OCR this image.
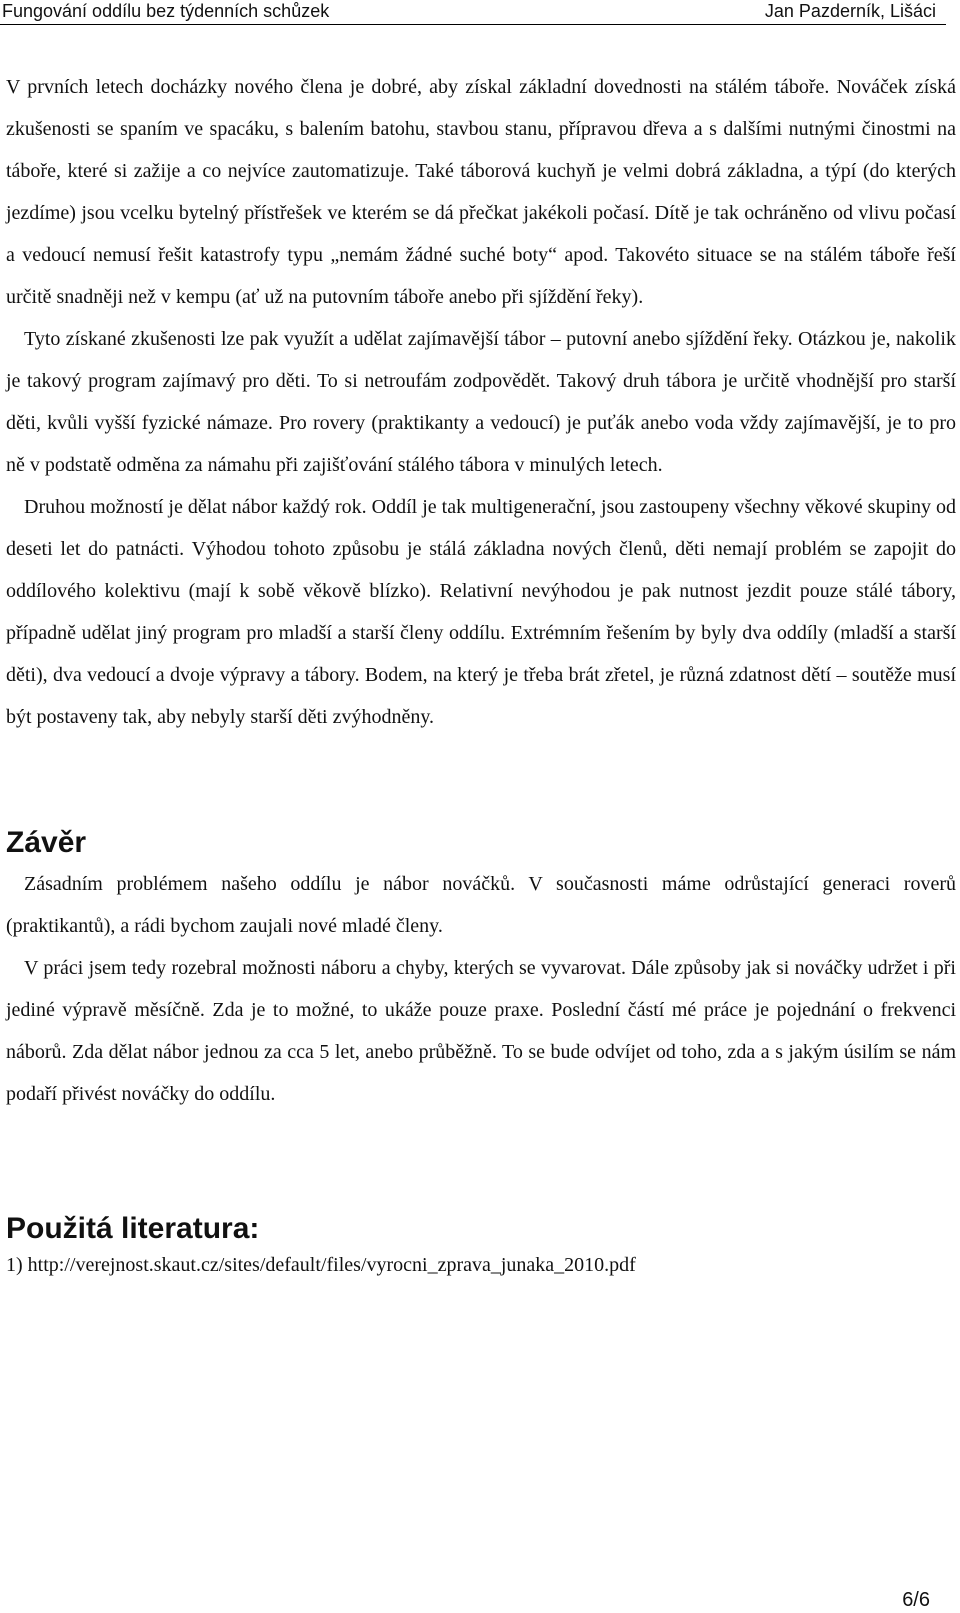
Fungování oddílu bez týdenních schůzek	Jan Pazderník, Lišáci

V prvních letech docházky nového člena je dobré, aby získal základní dovednosti na stálém táboře. Nováček získá zkušenosti se spaním ve spacáku, s balením batohu, stavbou stanu, přípravou dřeva a s dalšími nutnými činostmi na táboře, které si zažije a co nejvíce zautomatizuje. Také táborová kuchyň je velmi dobrá základna, a týpí (do kterých jezdíme) jsou vcelku bytelný přístřešek ve kterém se dá přečkat jakékoli počasí. Dítě je tak ochráněno od vlivu počasí a vedoucí nemusí řešit katastrofy typu „nemám žádné suché boty“ apod. Takovéto situace se na stálém táboře řeší určitě snadněji než v kempu (ať už na putovním táboře anebo při sjíždění řeky).

Tyto získané zkušenosti lze pak využít a udělat zajímavější tábor – putovní anebo sjíždění řeky. Otázkou je, nakolik je takový program zajímavý pro děti. To si netroufám zodpovědět. Takový druh tábora je určitě vhodnější pro starší děti, kvůli vyšší fyzické námaze. Pro rovery (praktikanty a vedoucí) je puťák anebo voda vždy zajímavější, je to pro ně v podstatě odměna za námahu při zajišťování stálého tábora v minulých letech.

Druhou možností je dělat nábor každý rok. Oddíl je tak multigenerační, jsou zastoupeny všechny věkové skupiny od deseti let do patnácti. Výhodou tohoto způsobu je stálá základna nových členů, děti nemají problém se zapojit do oddílového kolektivu (mají k sobě věkově blízko). Relativní nevýhodou je pak nutnost jezdit pouze stálé tábory, případně udělat jiný program pro mladší a starší členy oddílu. Extrémním řešením by byly dva oddíly (mladší a starší děti), dva vedoucí a dvoje výpravy a tábory. Bodem, na který je třeba brát zřetel, je různá zdatnost dětí – soutěže musí být postaveny tak, aby nebyly starší děti zvýhodněny.

Závěr

Zásadním problémem našeho oddílu je nábor nováčků. V současnosti máme odrůstající generaci roverů (praktikantů), a rádi bychom zaujali nové mladé členy.

V práci jsem tedy rozebral možnosti náboru a chyby, kterých se vyvarovat. Dále způsoby jak si nováčky udržet i při jediné výpravě měsíčně. Zda je to možné, to ukáže pouze praxe. Poslední částí mé práce je pojednání o frekvenci náborů. Zda dělat nábor jednou za cca 5 let, anebo průběžně. To se bude odvíjet od toho, zda a s jakým úsilím se nám podaří přivést nováčky do oddílu.

Použitá literatura:

1) http://verejnost.skaut.cz/sites/default/files/vyrocni_zprava_junaka_2010.pdf

6/6
